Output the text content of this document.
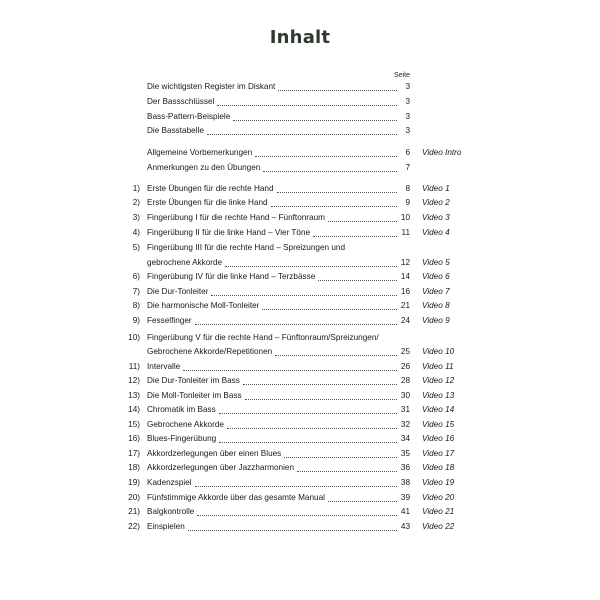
Inhalt
Seite
Die wichtigsten Register im Diskant	3
Der Bassschlüssel	3
Bass-Pattern-Beispiele	3
Die Basstabelle	3
Allgemeine Vorbemerkungen	6 Video Intro
Anmerkungen zu den Übungen	7
1) Erste Übungen für die rechte Hand	8 Video 1
2) Erste Übungen für die linke Hand	9 Video 2
3) Fingerübung I für die rechte Hand – Fünftonraum	10 Video 3
4) Fingerübung II für die linke Hand – Vier Töne	11 Video 4
5) Fingerübung III für die rechte Hand – Spreizungen und
gebrochene Akkorde	12 Video 5
6) Fingerübung IV für die linke Hand – Terzbässe	14 Video 6
7) Die Dur-Tonleiter	16 Video 7
8) Die harmonische Moll-Tonleiter	21 Video 8
9) Fesselfinger	24 Video 9
10) Fingerübung V für die rechte Hand – Fünftonraum/Spreizungen/
Gebrochene Akkorde/Repetitionen	25 Video 10
11) Intervalle	26 Video 11
12) Die Dur-Tonleiter im Bass	28 Video 12
13) Die Moll-Tonleiter im Bass	30 Video 13
14) Chromatik im Bass	31 Video 14
15) Gebrochene Akkorde	32 Video 15
16) Blues-Fingerübung	34 Video 16
17) Akkordzerlegungen über einen Blues	35 Video 17
18) Akkordzerlegungen über Jazzharmonien	36 Video 18
19) Kadenzspiel	38 Video 19
20) Fünfstimmige Akkorde über das gesamte Manual	39 Video 20
21) Balgkontrolle	41 Video 21
22) Einspielen	43 Video 22
